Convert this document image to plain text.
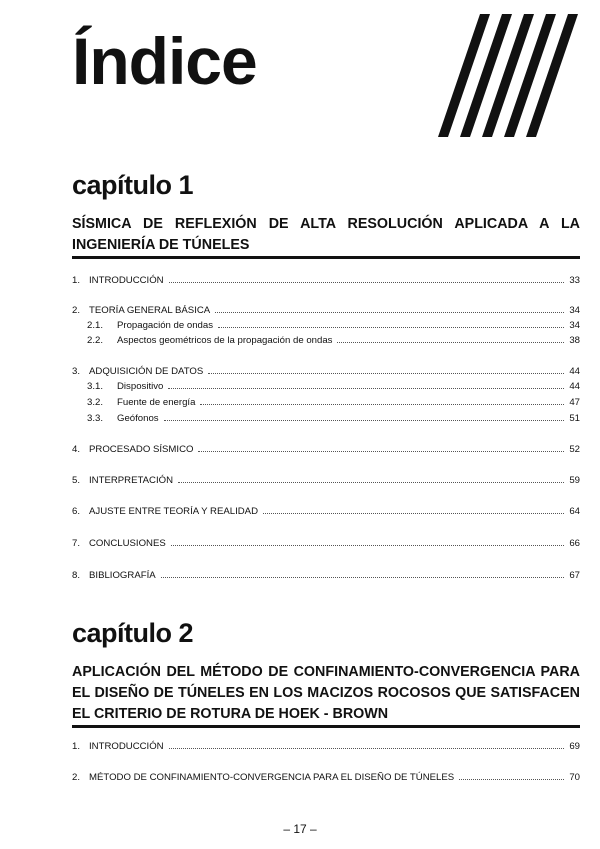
Índice
capítulo 1
SÍSMICA DE REFLEXIÓN DE ALTA RESOLUCIÓN APLICADA A LA
INGENIERÍA DE TÚNELES
1. INTRODUCCIÓN	33
2. TEORÍA GENERAL BÁSICA	34
2.1.	Propagación de ondas	34
2.2.	Aspectos geométricos de la propagación de ondas	38
3. ADQUISICIÓN DE DATOS	44
3.1.	Dispositivo	44
3.2.	Fuente de energía	47
3.3.	Geófonos	51
4. PROCESADO SÍSMICO	52
5. INTERPRETACIÓN	59
6. AJUSTE ENTRE TEORÍA Y REALIDAD	64
7. CONCLUSIONES	66
8. BIBLIOGRAFÍA	67
capítulo 2
APLICACIÓN DEL MÉTODO DE CONFINAMIENTO-CONVERGENCIA PARA
EL DISEÑO DE TÚNELES EN LOS MACIZOS ROCOSOS QUE SATISFACEN
EL CRITERIO DE ROTURA DE HOEK - BROWN
1. INTRODUCCIÓN	69
2. MÉTODO DE CONFINAMIENTO-CONVERGENCIA PARA EL DISEÑO DE TÚNELES	70
– 17 –
